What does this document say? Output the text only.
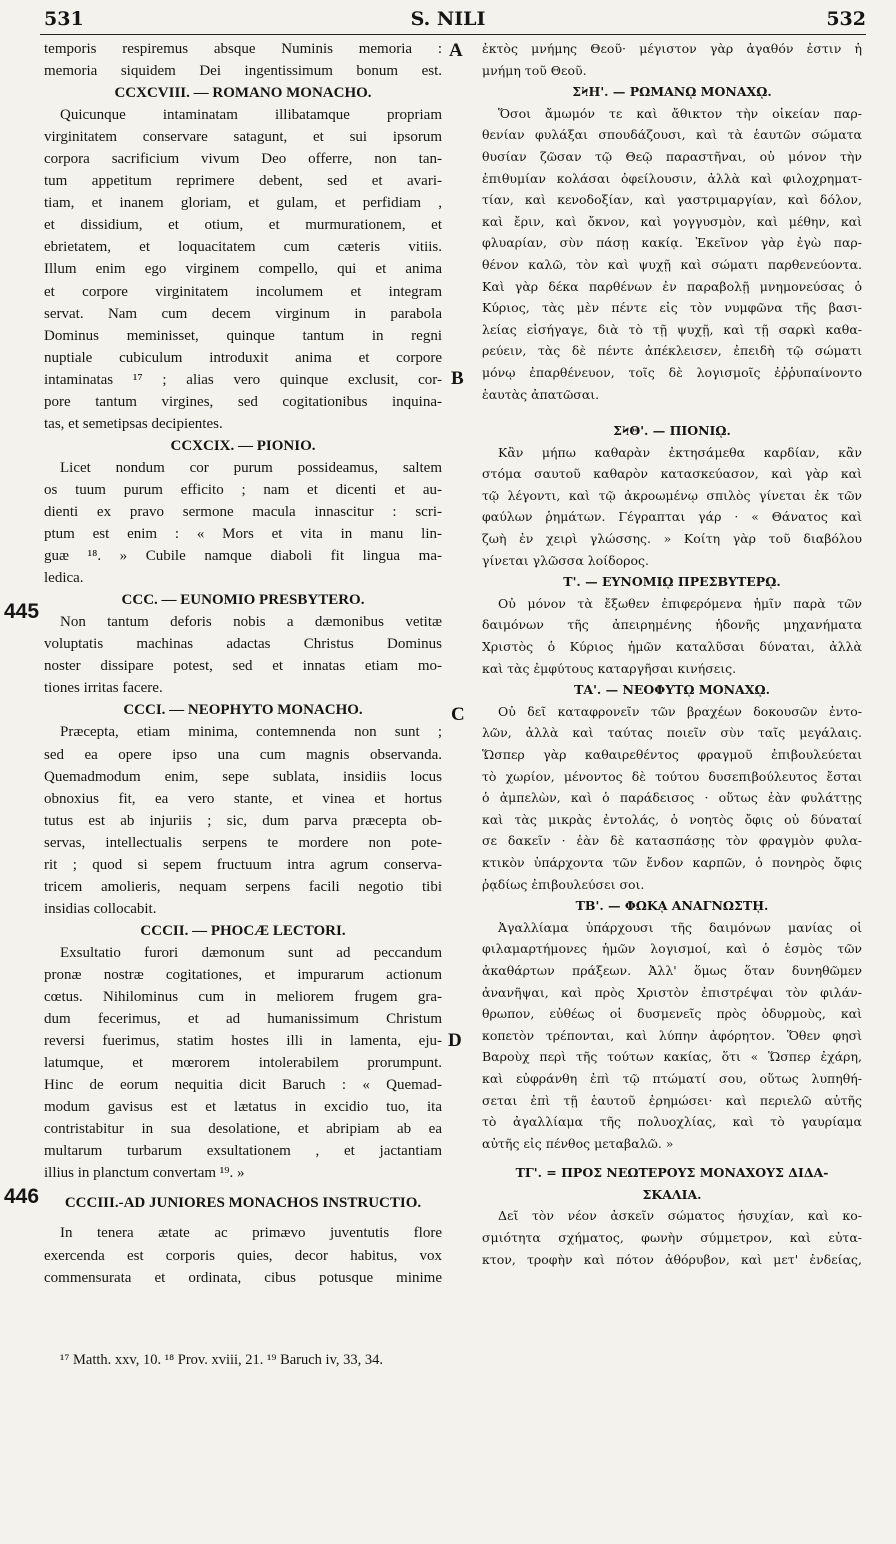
531	S. NILI	532
temporis respiremus absque Numinis memoria :
memoria siquidem Dei ingentissimum bonum est.
CCXCVIII. — ROMANO MONACHO.
Quicunque intaminatam illibatamque propriam
virginitatem conservare satagunt, et sui ipsorum
corpora sacrificium vivum Deo offerre, non tan-
tum appetitum reprimere debent, sed et avari-
tiam, et inanem gloriam, et gulam, et perfidiam ,
et dissidium, et otium, et murmurationem, et
ebrietatem, et loquacitatem cum cæteris vitiis.
Illum enim ego virginem compello, qui et anima
et corpore virginitatem incolumem et integram
servat. Nam cum decem virginum in parabola
Dominus meminisset, quinque tantum in regni
nuptiale cubiculum introduxit anima et corpore
intaminatas ¹⁷ ; alias vero quinque exclusit, cor-
pore tantum virgines, sed cogitationibus inquina-
tas, et semetipsas decipientes.
CCXCIX. — PIONIO.
Licet nondum cor purum possideamus, saltem
os tuum purum efficito ; nam et dicenti et au-
dienti ex pravo sermone macula innascitur : scri-
ptum est enim : « Mors et vita in manu lin-
guæ ¹⁸. » Cubile namque diaboli fit lingua ma-
ledica.
CCC. — EUNOMIO PRESBYTERO.
Non tantum deforis nobis a dæmonibus vetitæ
voluptatis machinas adactas Christus Dominus
noster dissipare potest, sed et innatas etiam mo-
tiones irritas facere.
CCCI. — NEOPHYTO MONACHO.
Præcepta, etiam minima, contemnenda non sunt ;
sed ea opere ipso una cum magnis observanda.
Quemadmodum enim, sepe sublata, insidiis locus
obnoxius fit, ea vero stante, et vinea et hortus
tutus est ab injuriis ; sic, dum parva præcepta ob-
servas, intellectualis serpens te mordere non pote-
rit ; quod si sepem fructuum intra agrum conserva-
tricem amolieris, nequam serpens facili negotio tibi
insidias collocabit.
CCCII. — PHOCÆ LECTORI.
Exsultatio furori dæmonum sunt ad peccandum
pronæ nostræ cogitationes, et impurarum actionum
cœtus. Nihilominus cum in meliorem frugem gra-
dum fecerimus, et ad humanissimum Christum
reversi fuerimus, statim hostes illi in lamenta, eju-
latumque, et mœrorem intolerabilem prorumpunt.
Hinc de eorum nequitia dicit Baruch : « Quemad-
modum gavisus est et lætatus in excidio tuo, ita
contristabitur in sua desolatione, et abripiam ab ea
multarum turbarum exsultationem , et jactantiam
illius in planctum convertam ¹⁹. »
CCCIII.-AD JUNIORES MONACHOS INSTRUCTIO.
In tenera ætate ac primævo juventutis flore
exercenda est corporis quies, decor habitus, vox
commensurata et ordinata, cibus potusque minime
ἐκτὸς μνήμης Θεοῦ· μέγιστον γὰρ ἀγαθόν ἐστιν ἡ
μνήμη τοῦ Θεοῦ.
ΣϞΗ'. — ΡΩΜΑΝῼ ΜΟΝΑΧῼ.
Ὅσοι ἄμωμόν τε καὶ ἄθικτον τὴν οἰκείαν παρ-
θενίαν φυλάξαι σπουδάζουσι, καὶ τὰ ἑαυτῶν σώματα
θυσίαν ζῶσαν τῷ Θεῷ παραστῆναι, οὐ μόνον τὴν
ἐπιθυμίαν κολάσαι ὀφείλουσιν, ἀλλὰ καὶ φιλοχρηματ-
τίαν, καὶ κενοδοξίαν, καὶ γαστριμαργίαν, καὶ δόλον,
καὶ ἔριν, καὶ ὄκνον, καὶ γογγυσμὸν, καὶ μέθην, καὶ
φλυαρίαν, σὺν πάσῃ κακίᾳ. Ἐκεῖνον γὰρ ἐγὼ παρ-
θένον καλῶ, τὸν καὶ ψυχῇ καὶ σώματι παρθενεύοντα.
Καὶ γὰρ δέκα παρθένων ἐν παραβολῇ μνημονεύσας ὁ
Κύριος, τὰς μὲν πέντε εἰς τὸν νυμφῶνα τῆς βασι-
λείας εἰσήγαγε, διὰ τὸ τῇ ψυχῇ, καὶ τῇ σαρκὶ καθα-
ρεύειν, τὰς δὲ πέντε ἀπέκλεισεν, ἐπειδὴ τῷ σώματι
μόνῳ ἐπαρθένευον, τοῖς δὲ λογισμοῖς ἐῤῥυπαίνοντο
ἑαυτὰς ἀπατῶσαι.
ΣϞΘ'. — ΠΙΟΝΙῼ.
Κἂν μήπω καθαρὰν ἐκτησάμεθα καρδίαν, κἂν
στόμα σαυτοῦ καθαρὸν κατασκεύασον, καὶ γὰρ καὶ
τῷ λέγοντι, καὶ τῷ ἀκροωμένῳ σπιλὸς γίνεται ἐκ τῶν
φαύλων ῥημάτων. Γέγραπται γάρ · « Θάνατος καὶ
ζωὴ ἐν χειρὶ γλώσσης. » Κοίτη γὰρ τοῦ διαβόλου
γίνεται γλῶσσα λοίδορος.
Τ'. — ΕΥΝΟΜΙῼ ΠΡΕΣΒΥΤΕΡῼ.
Οὐ μόνον τὰ ἔξωθεν ἐπιφερόμενα ἡμῖν παρὰ τῶν
δαιμόνων τῆς ἀπειρημένης ἡδονῆς μηχανήματα
Χριστὸς ὁ Κύριος ἡμῶν καταλῦσαι δύναται, ἀλλὰ
καὶ τὰς ἐμφύτους καταργῆσαι κινήσεις.
ΤΑ'. — ΝΕΟΦΥΤῼ ΜΟΝΑΧῼ.
Οὐ δεῖ καταφρονεῖν τῶν βραχέων δοκουσῶν ἐντο-
λῶν, ἀλλὰ καὶ ταύτας ποιεῖν σὺν ταῖς μεγάλαις.
Ὥσπερ γὰρ καθαιρεθέντος φραγμοῦ ἐπιβουλεύεται
τὸ χωρίον, μένοντος δὲ τούτου δυσεπιβούλευτος ἔσται
ὁ ἀμπελὼν, καὶ ὁ παράδεισος · οὕτως ἐὰν φυλάττῃς
καὶ τὰς μικρὰς ἐντολάς, ὁ νοητὸς ὄφις οὐ δύναταί
σε δακεῖν · ἐὰν δὲ κατασπάσῃς τὸν φραγμὸν φυλα-
κτικὸν ὑπάρχοντα τῶν ἔνδον καρπῶν, ὁ πονηρὸς ὄφις
ῥᾳδίως ἐπιβουλεύσει σοι.
ΤΒ'. — ΦΩΚᾼ ΑΝΑΓΝΩΣΤῌ.
Ἀγαλλίαμα ὑπάρχουσι τῆς δαιμόνων μανίας οἱ
φιλαμαρτήμονες ἡμῶν λογισμοί, καὶ ὁ ἑσμὸς τῶν
ἀκαθάρτων πράξεων. Ἀλλ' ὅμως ὅταν δυνηθῶμεν
ἀνανῆψαι, καὶ πρὸς Χριστὸν ἐπιστρέψαι τὸν φιλάν-
θρωπον, εὐθέως οἱ δυσμενεῖς πρὸς ὀδυρμοὺς, καὶ
κοπετὸν τρέπονται, καὶ λύπην ἀφόρητον. Ὅθεν φησὶ
Βαροὺχ περὶ τῆς τούτων κακίας, ὅτι « Ὥσπερ ἐχάρη,
καὶ εὐφράνθη ἐπὶ τῷ πτώματί σου, οὕτως λυπηθή-
σεται ἐπὶ τῇ ἑαυτοῦ ἐρημώσει· καὶ περιελῶ αὐτῆς
τὸ ἀγαλλίαμα τῆς πολυοχλίας, καὶ τὸ γαυρίαμα
αὐτῆς εἰς πένθος μεταβαλῶ. »
ΤΓ'. = ΠΡΟΣ ΝΕΩΤΕΡΟΥΣ ΜΟΝΑΧΟΥΣ ΔΙΔΑ-
ΣΚΑΛΙΑ.
Δεῖ τὸν νέον ἀσκεῖν σώματος ἡσυχίαν, καὶ κο-
σμιότητα σχήματος, φωνὴν σύμμετρον, καὶ εὐτα-
κτον, τροφὴν καὶ πότον ἀθόρυβον, καὶ μετ' ἐνδείας,
A
B
C
D
445
446
¹⁷ Matth. xxv, 10. ¹⁸ Prov. xviii, 21. ¹⁹ Baruch iv, 33, 34.
